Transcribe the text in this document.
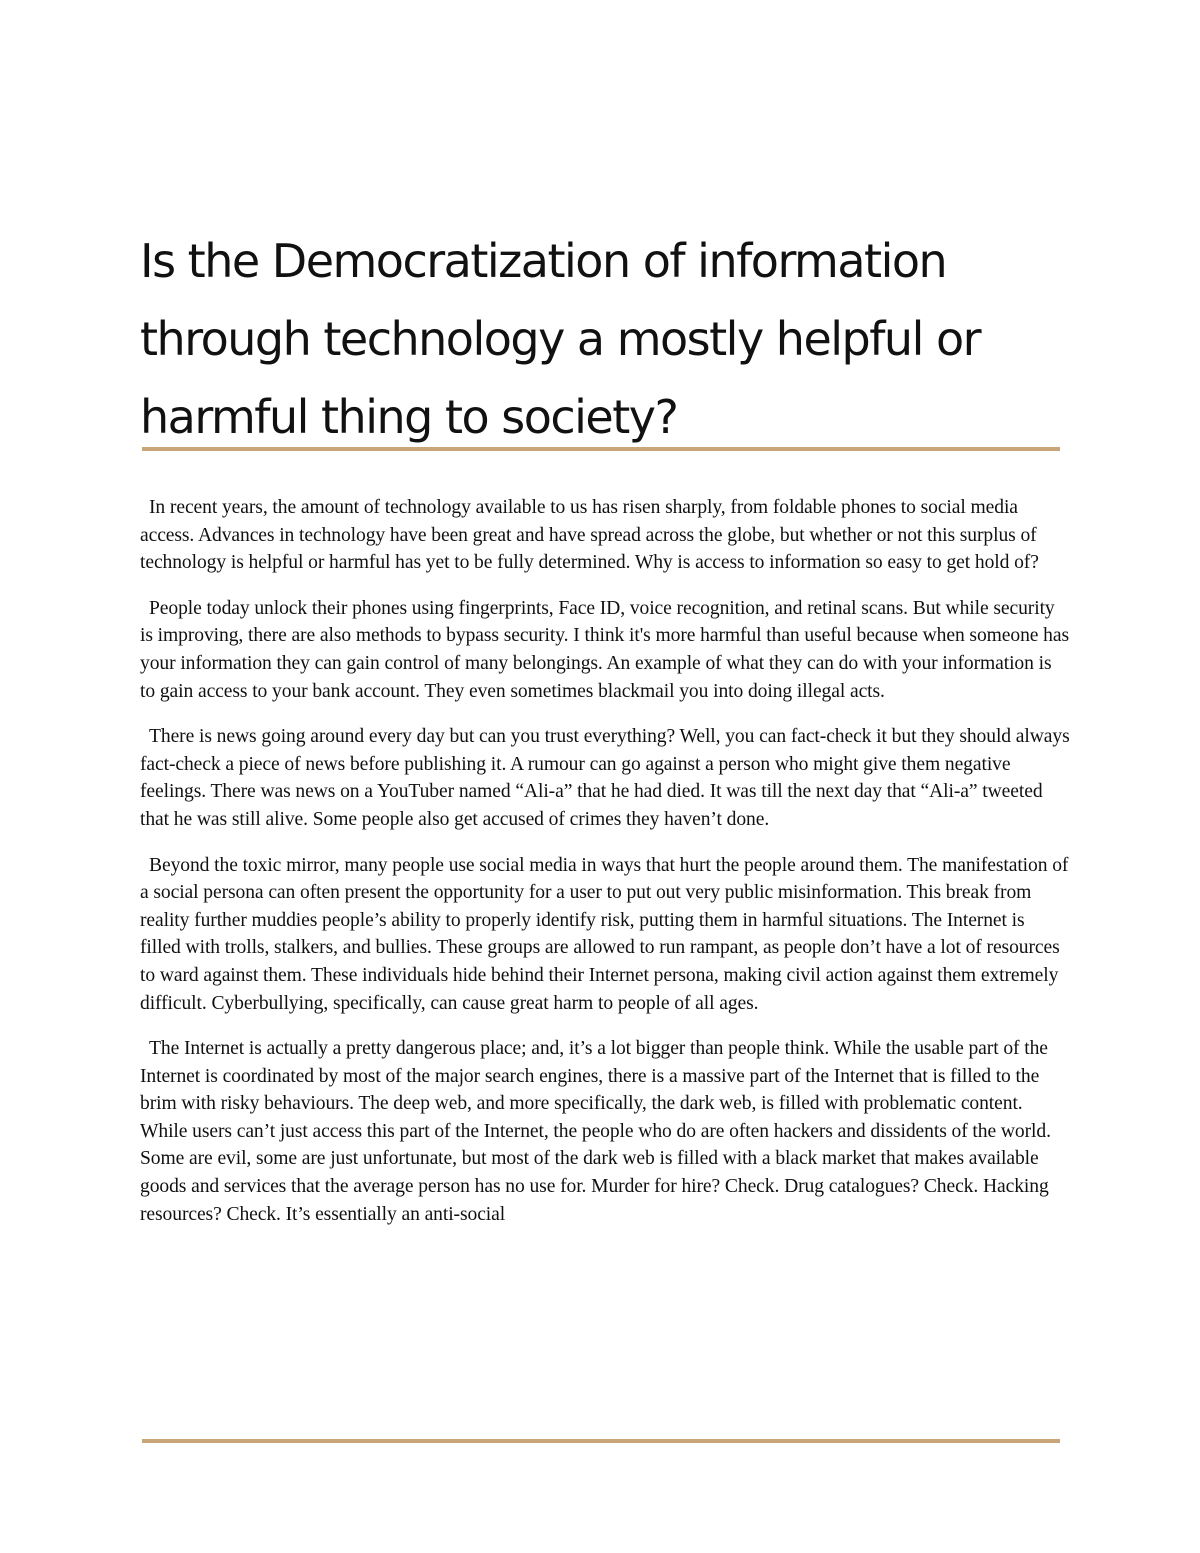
Is the Democratization of information through technology a mostly helpful or harmful thing to society?

In recent years, the amount of technology available to us has risen sharply, from foldable phones to social media access. Advances in technology have been great and have spread across the globe, but whether or not this surplus of technology is helpful or harmful has yet to be fully determined. Why is access to information so easy to get hold of?

People today unlock their phones using fingerprints, Face ID, voice recognition, and retinal scans. But while security is improving, there are also methods to bypass security. I think it's more harmful than useful because when someone has your information they can gain control of many belongings. An example of what they can do with your information is to gain access to your bank account. They even sometimes blackmail you into doing illegal acts.

There is news going around every day but can you trust everything? Well, you can fact-check it but they should always fact-check a piece of news before publishing it. A rumour can go against a person who might give them negative feelings. There was news on a YouTuber named “Ali-a” that he had died. It was till the next day that “Ali-a” tweeted that he was still alive. Some people also get accused of crimes they haven’t done.

Beyond the toxic mirror, many people use social media in ways that hurt the people around them. The manifestation of a social persona can often present the opportunity for a user to put out very public misinformation. This break from reality further muddies people’s ability to properly identify risk, putting them in harmful situations. The Internet is filled with trolls, stalkers, and bullies. These groups are allowed to run rampant, as people don’t have a lot of resources to ward against them. These individuals hide behind their Internet persona, making civil action against them extremely difficult. Cyberbullying, specifically, can cause great harm to people of all ages.

The Internet is actually a pretty dangerous place; and, it’s a lot bigger than people think. While the usable part of the Internet is coordinated by most of the major search engines, there is a massive part of the Internet that is filled to the brim with risky behaviours. The deep web, and more specifically, the dark web, is filled with problematic content. While users can’t just access this part of the Internet, the people who do are often hackers and dissidents of the world. Some are evil, some are just unfortunate, but most of the dark web is filled with a black market that makes available goods and services that the average person has no use for. Murder for hire? Check. Drug catalogues? Check. Hacking resources? Check. It’s essentially an anti-social
